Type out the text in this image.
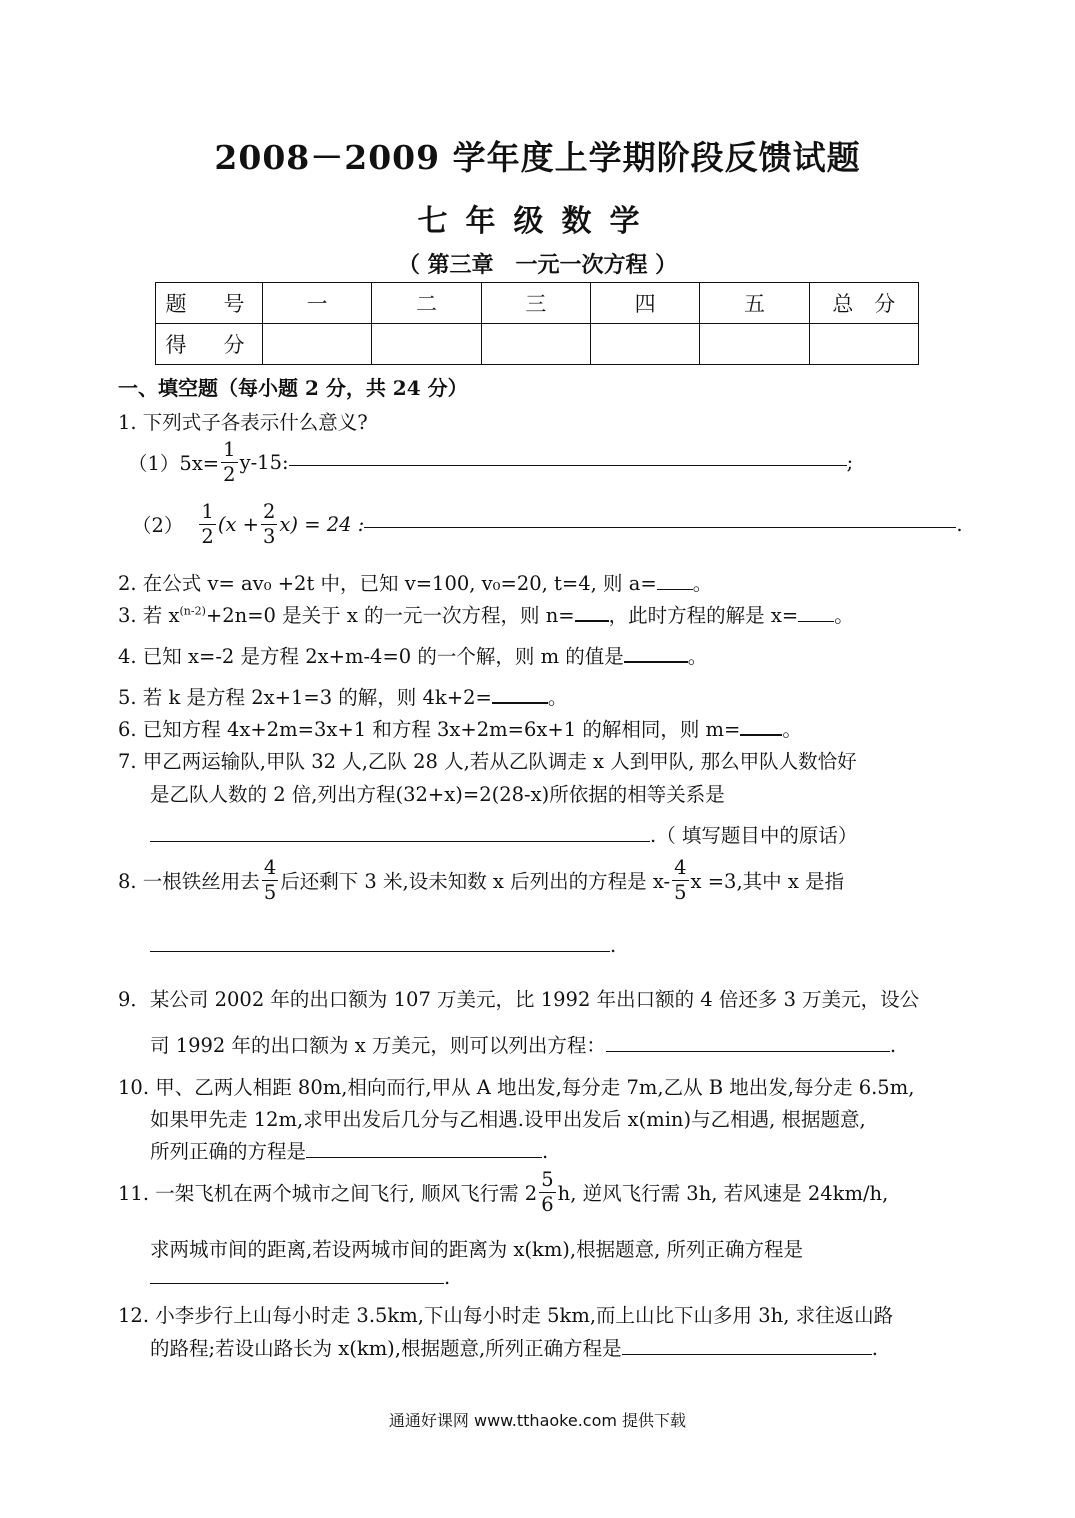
2008－2009 学年度上学期阶段反馈试题
七年级数学
（ 第三章　一元一次方程 ）
题　号	一	二	三	四	五	总　分
得　分						
一、填空题（每小题 2 分，共 24 分）
1. 下列式子各表示什么意义?
$(1)5x= \frac{1}{2} y-15$:	;
$(2) \frac{1}{2} (x + \frac{2}{3} x) = 24$ :	.
2. 在公式 v= av₀ +2t 中，已知 v=100, v₀=20, t=4, 则 a= 。
3. 若 $x^{(n-2)}+2n=0$ 是关于 x 的一元一次方程，则 n= ，此时方程的解是 x= 。
4. 已知 x=-2 是方程 2x+m-4=0 的一个解，则 m 的值是	。
5. 若 k 是方程 2x+1=3 的解，则 4k+2=	。
6. 已知方程 4x+2m=3x+1 和方程 3x+2m=6x+1 的解相同，则 m= 。
7. 甲乙两运输队,甲队 32 人,乙队 28 人,若从乙队调走 x 人到甲队, 那么甲队人数恰好
是乙队人数的 2 倍,列出方程(32+x)=2(28-x)所依据的相等关系是
.（ 填写题目中的原话）
8. 一根铁丝用去 $\frac{4}{5}$ 后还剩下 3 米,设未知数 x 后列出的方程是 $x- \frac{4}{5}$ x =3,其中 x 是指
.
9．某公司 2002 年的出口额为 107 万美元，比 1992 年出口额的 4 倍还多 3 万美元，设公
司 1992 年的出口额为 x 万美元，则可以列出方程：	.
10. 甲、乙两人相距 80m,相向而行,甲从 A 地出发,每分走 7m,乙从 B 地出发,每分走 6.5m,
如果甲先走 12m,求甲出发后几分与乙相遇.设甲出发后 x(min)与乙相遇, 根据题意,
所列正确的方程是	.
11. 一架飞机在两个城市之间飞行, 顺风飞行需 $2 \frac{5}{6} h$, 逆风飞行需 3h, 若风速是 24km/h,
求两城市间的距离,若设两城市间的距离为 x(km),根据题意, 所列正确方程是
.
12. 小李步行上山每小时走 3.5km,下山每小时走 5km,而上山比下山多用 3h, 求往返山路
的路程;若设山路长为 x(km),根据题意,所列正确方程是	.
通通好课网 www.tthaoke.com 提供下载
